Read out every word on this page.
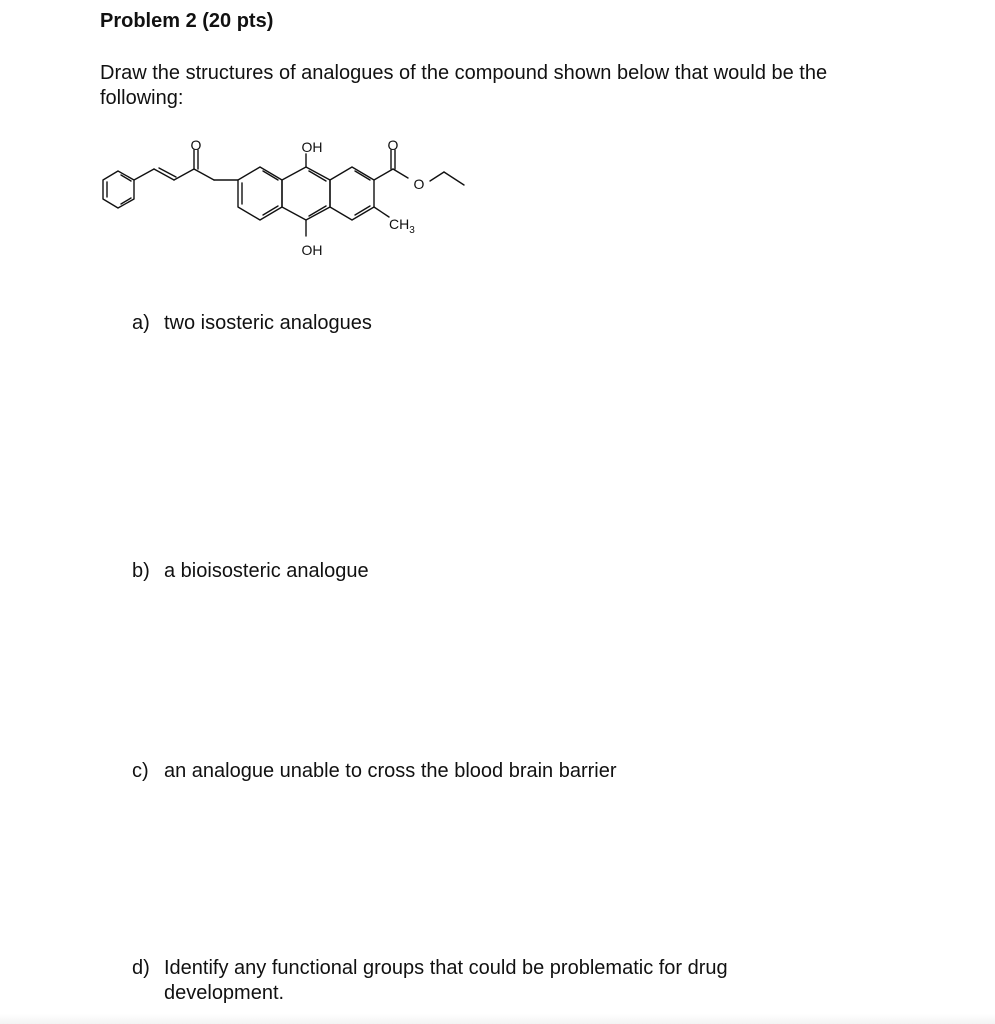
Problem 2 (20 pts)

Draw the structures of analogues of the compound shown below that would be the following:

O	OH	O
O
$CH_3$
OH
a) two isosteric analogues
b) a bioisosteric analogue
c) an analogue unable to cross the blood brain barrier
d) Identify any functional groups that could be problematic for drug development.
